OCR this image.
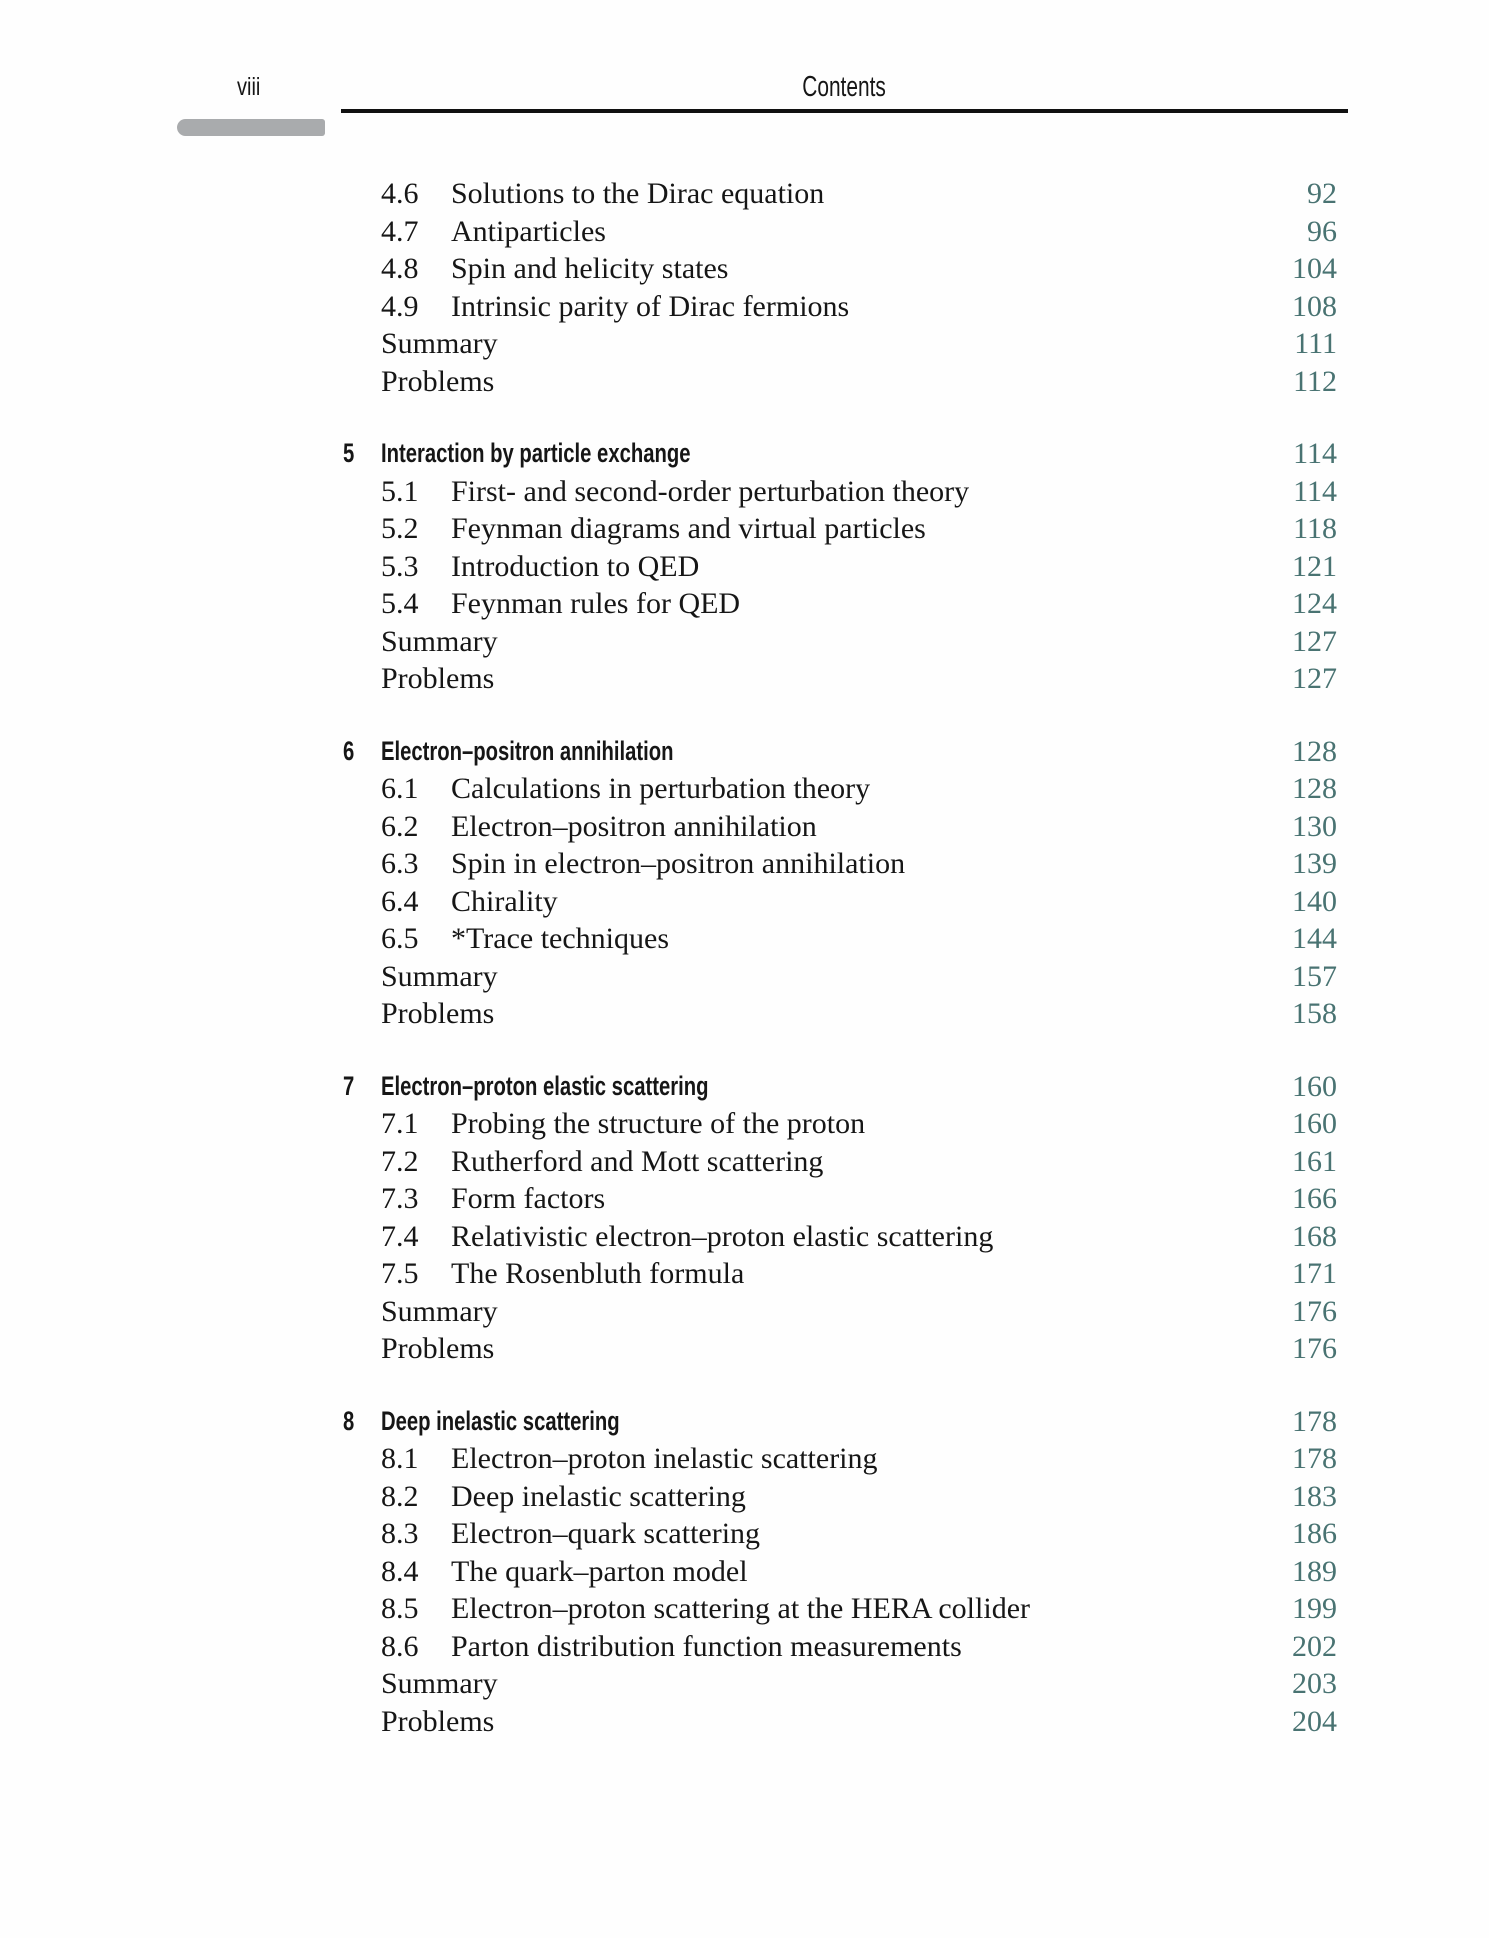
viii	Contents
4.6	Solutions to the Dirac equation	92
4.7	Antiparticles	96
4.8	Spin and helicity states	104
4.9	Intrinsic parity of Dirac fermions	108
Summary	111
Problems	112
5 Interaction by particle exchange	114
5.1	First- and second-order perturbation theory	114
5.2	Feynman diagrams and virtual particles	118
5.3	Introduction to QED	121
5.4	Feynman rules for QED	124
Summary	127
Problems	127
6 Electron–positron annihilation	128
6.1	Calculations in perturbation theory	128
6.2	Electron–positron annihilation	130
6.3	Spin in electron–positron annihilation	139
6.4	Chirality	140
6.5	*Trace techniques	144
Summary	157
Problems	158
7 Electron–proton elastic scattering	160
7.1	Probing the structure of the proton	160
7.2	Rutherford and Mott scattering	161
7.3	Form factors	166
7.4	Relativistic electron–proton elastic scattering	168
7.5	The Rosenbluth formula	171
Summary	176
Problems	176
8 Deep inelastic scattering	178
8.1	Electron–proton inelastic scattering	178
8.2	Deep inelastic scattering	183
8.3	Electron–quark scattering	186
8.4	The quark–parton model	189
8.5	Electron–proton scattering at the HERA collider	199
8.6	Parton distribution function measurements	202
Summary	203
Problems	204
